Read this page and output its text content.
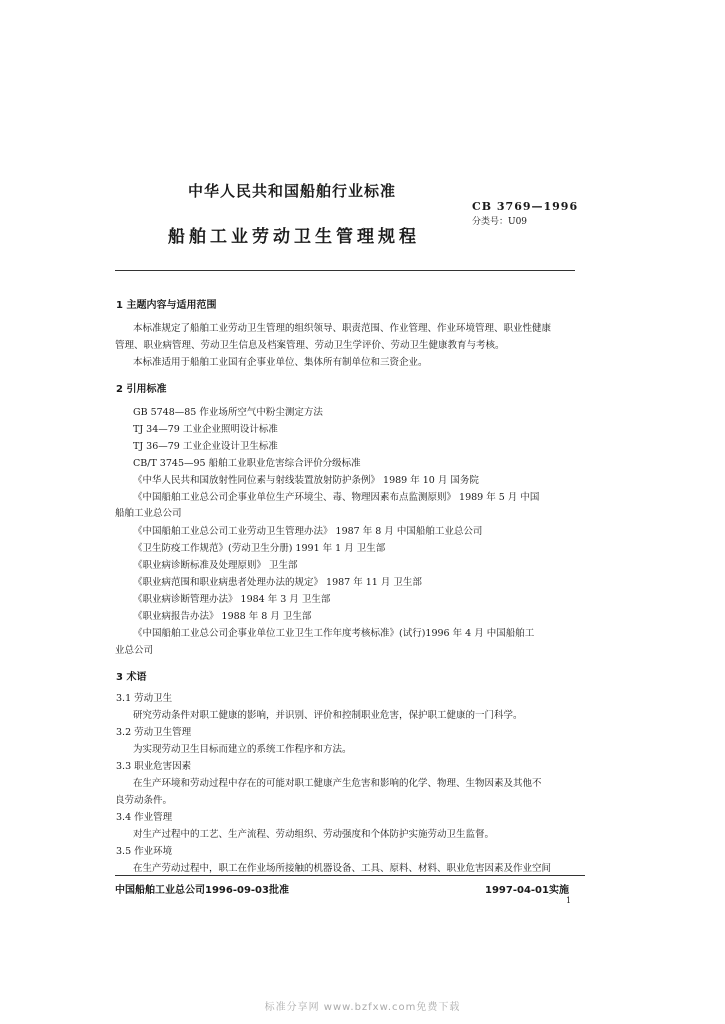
中华人民共和国船舶行业标准
CB 3769—1996
分类号：U09
船舶工业劳动卫生管理规程
1 主题内容与适用范围
本标准规定了船舶工业劳动卫生管理的组织领导、职责范围、作业管理、作业环境管理、职业性健康
管理、职业病管理、劳动卫生信息及档案管理、劳动卫生学评价、劳动卫生健康教育与考核。
本标准适用于船舶工业国有企事业单位、集体所有制单位和三资企业。
2 引用标准
GB 5748—85 作业场所空气中粉尘测定方法
TJ 34—79 工业企业照明设计标准
TJ 36—79 工业企业设计卫生标准
CB/T 3745—95 船舶工业职业危害综合评价分级标准
《中华人民共和国放射性同位素与射线装置放射防护条例》 1989 年 10 月 国务院
《中国船舶工业总公司企事业单位生产环境尘、毒、物理因素布点监测原则》 1989 年 5 月 中国
船舶工业总公司
《中国船舶工业总公司工业劳动卫生管理办法》 1987 年 8 月 中国船舶工业总公司
《卫生防疫工作规范》(劳动卫生分册) 1991 年 1 月 卫生部
《职业病诊断标准及处理原则》 卫生部
《职业病范围和职业病患者处理办法的规定》 1987 年 11 月 卫生部
《职业病诊断管理办法》 1984 年 3 月 卫生部
《职业病报告办法》 1988 年 8 月 卫生部
《中国船舶工业总公司企事业单位工业卫生工作年度考核标准》(试行)1996 年 4 月 中国船舶工
业总公司
3 术语
3.1 劳动卫生
研究劳动条件对职工健康的影响，并识别、评价和控制职业危害，保护职工健康的一门科学。
3.2 劳动卫生管理
为实现劳动卫生目标而建立的系统工作程序和方法。
3.3 职业危害因素
在生产环境和劳动过程中存在的可能对职工健康产生危害和影响的化学、物理、生物因素及其他不
良劳动条件。
3.4 作业管理
对生产过程中的工艺、生产流程、劳动组织、劳动强度和个体防护实施劳动卫生监督。
3.5 作业环境
在生产劳动过程中，职工在作业场所接触的机器设备、工具、原料、材料、职业危害因素及作业空间
中国船舶工业总公司1996-09-03批准	1997-04-01实施
1
标准分享网 www.bzfxw.com免费下载
